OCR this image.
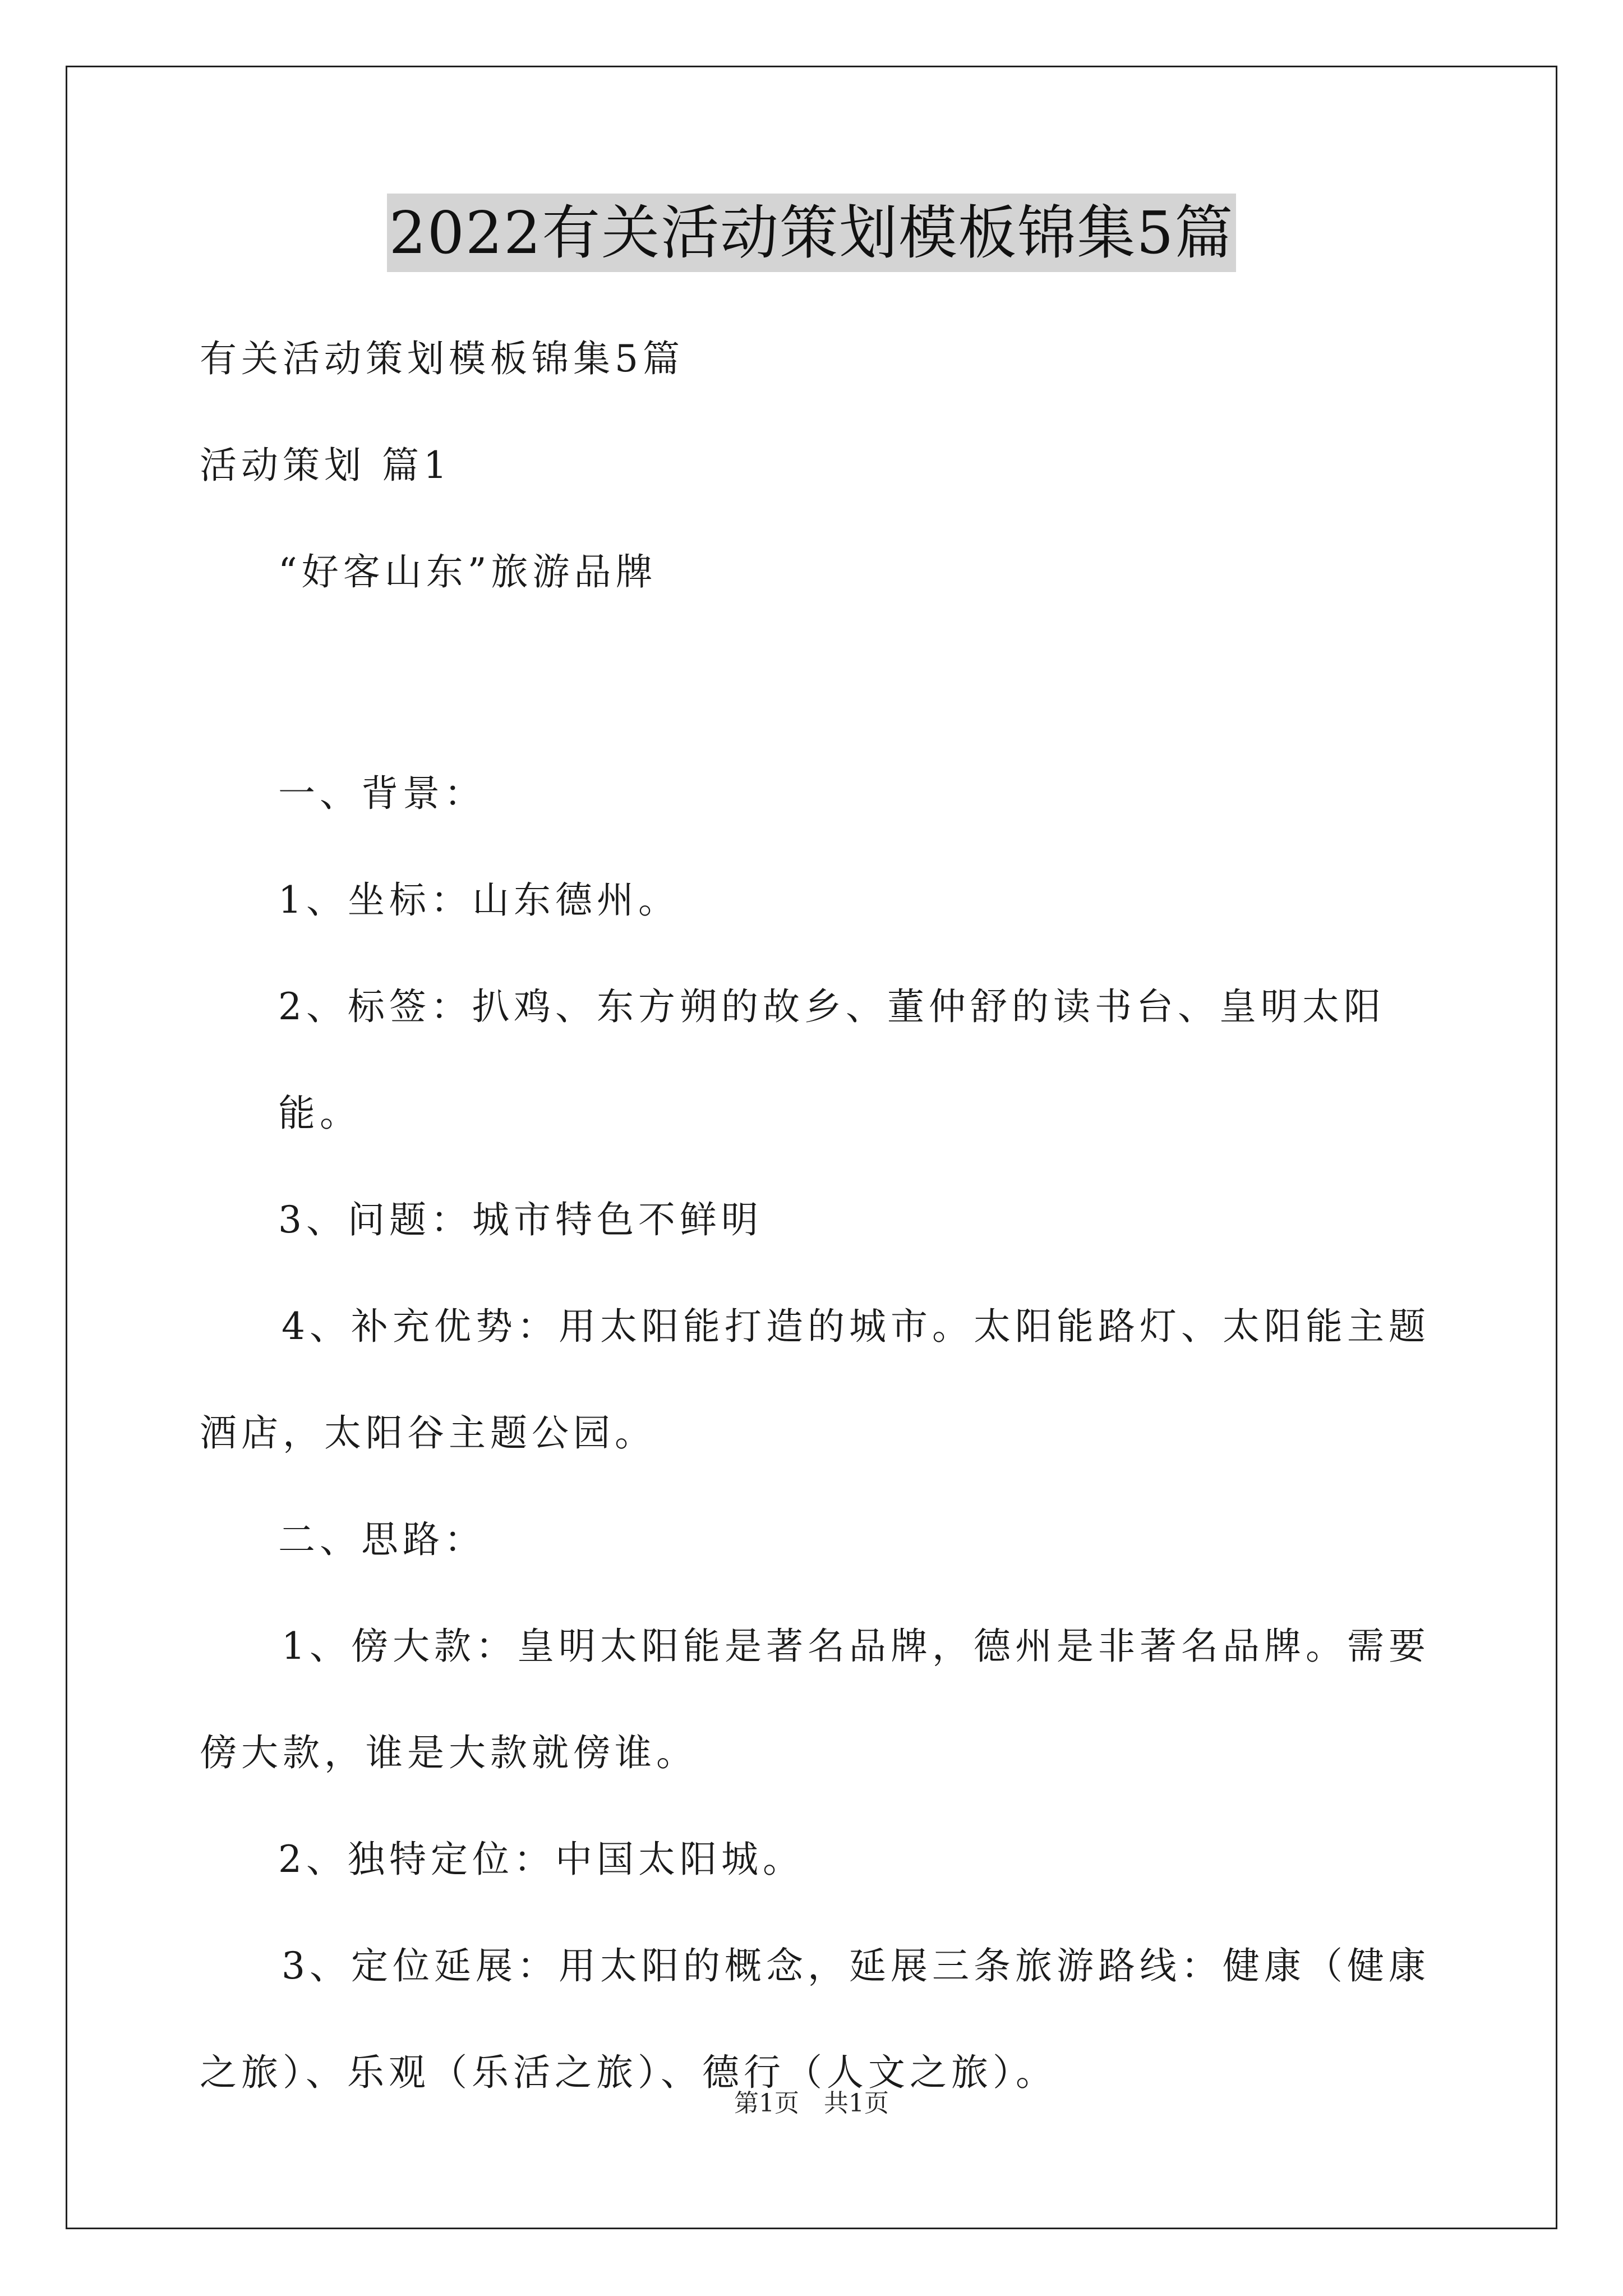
2022有关活动策划模板锦集5篇

有关活动策划模板锦集5篇

活动策划 篇1

“好客山东”旅游品牌

一、背景：

1、坐标：山东德州。

2、标签：扒鸡、东方朔的故乡、董仲舒的读书台、皇明太阳能。

3、问题：城市特色不鲜明

4、补充优势：用太阳能打造的城市。太阳能路灯、太阳能主题酒店，太阳谷主题公园。

二、思路：

1、傍大款：皇明太阳能是著名品牌，德州是非著名品牌。需要傍大款，谁是大款就傍谁。

2、独特定位：中国太阳城。

3、定位延展：用太阳的概念，延展三条旅游路线：健康（健康之旅）、乐观（乐活之旅）、德行（人文之旅）。

第1页　共1页
